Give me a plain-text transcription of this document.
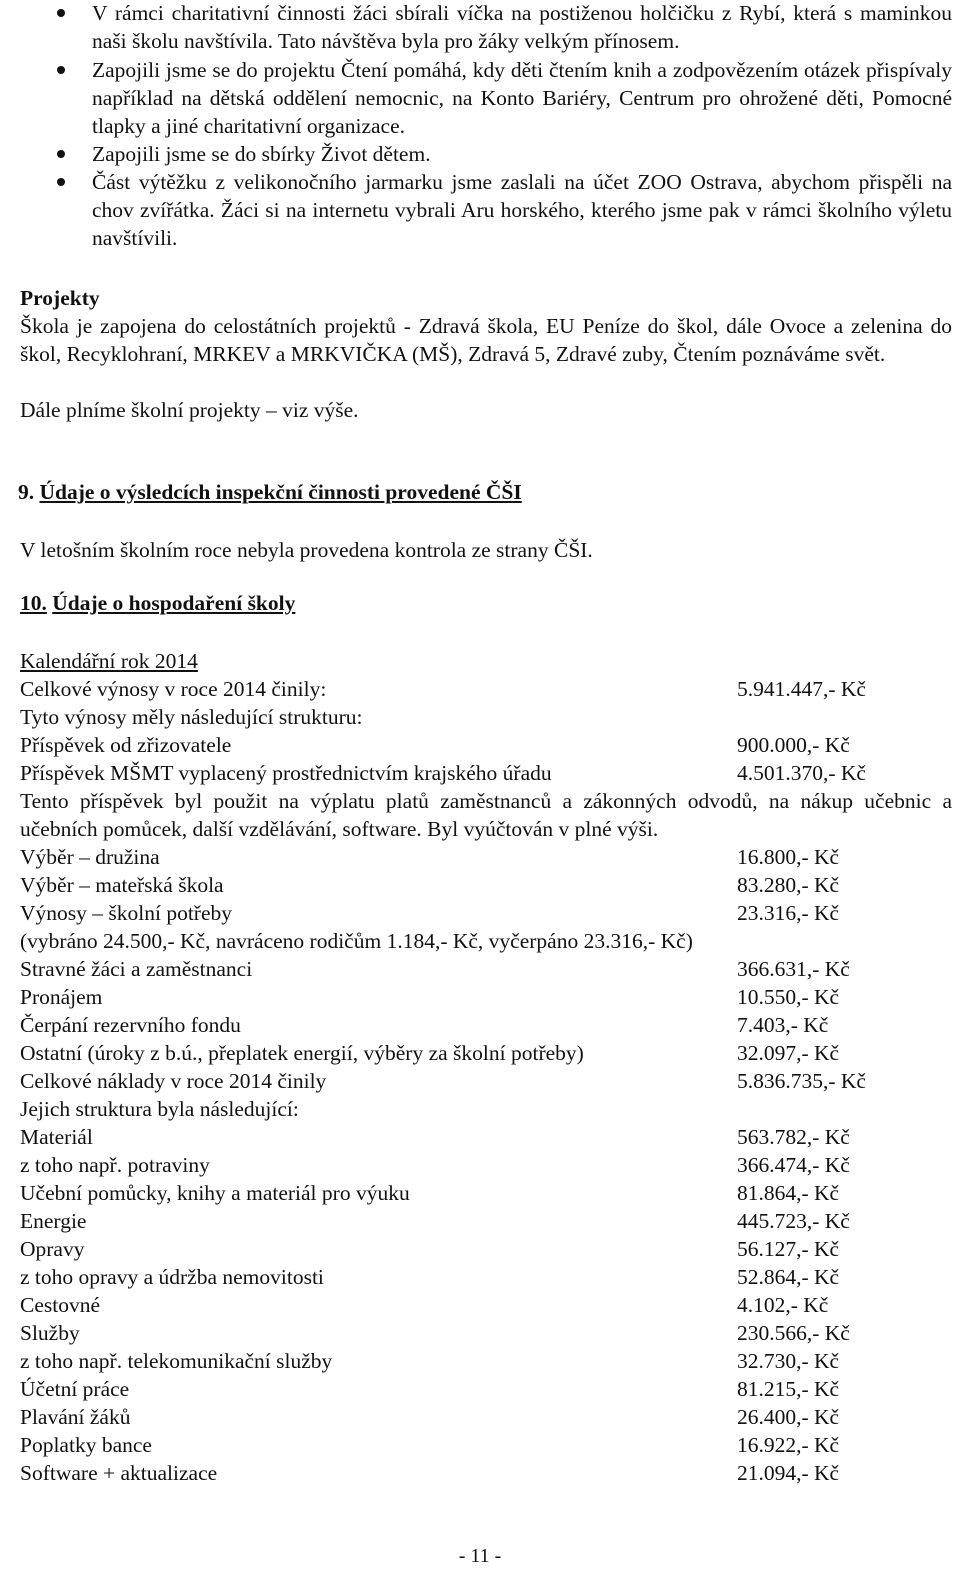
V rámci charitativní činnosti žáci sbírali víčka na postiženou holčičku z Rybí, která s maminkou naši školu navštívila. Tato návštěva byla pro žáky velkým přínosem.
Zapojili jsme se do projektu Čtení pomáhá, kdy děti čtením knih a zodpovězením otázek přispívaly například na dětská oddělení nemocnic, na Konto Bariéry, Centrum pro ohrožené děti, Pomocné tlapky a jiné charitativní organizace.
Zapojili jsme se do sbírky Život dětem.
Část výtěžku z velikonočního jarmarku jsme zaslali na účet ZOO Ostrava, abychom přispěli na chov zvířátka. Žáci si na internetu vybrali Aru horského, kterého jsme pak v rámci školního výletu navštívili.
Projekty
Škola je zapojena do celostátních projektů - Zdravá škola, EU Peníze do škol, dále Ovoce a zelenina do škol, Recyklohraní, MRKEV a MRKVIČKA (MŠ), Zdravá 5, Zdravé zuby, Čtením poznáváme svět.
Dále plníme školní projekty – viz výše.
9. Údaje o výsledcích inspekční činnosti provedené ČŠI
V letošním školním roce nebyla provedena kontrola ze strany ČŠI.
10. Údaje o hospodaření školy
Kalendářní rok 2014
Celkové výnosy v roce 2014 činily:	5.941.447,- Kč
Tyto výnosy měly následující strukturu:
Příspěvek od zřizovatele	900.000,- Kč
Příspěvek MŠMT vyplacený prostřednictvím krajského úřadu	4.501.370,- Kč
Tento příspěvek byl použit na výplatu platů zaměstnanců a zákonných odvodů, na nákup učebnic a učebních pomůcek, další vzdělávání, software. Byl vyúčtován v plné výši.
Výběr – družina	16.800,- Kč
Výběr – mateřská škola	83.280,- Kč
Výnosy – školní potřeby	23.316,- Kč
(vybráno 24.500,- Kč, navráceno rodičům 1.184,- Kč, vyčerpáno 23.316,- Kč)
Stravné žáci a zaměstnanci	366.631,- Kč
Pronájem	10.550,- Kč
Čerpání rezervního fondu	7.403,- Kč
Ostatní (úroky z b.ú., přeplatek energií, výběry za školní potřeby)	32.097,- Kč
Celkové náklady v roce 2014 činily	5.836.735,- Kč
Jejich struktura byla následující:
Materiál	563.782,- Kč
z toho např. potraviny	366.474,- Kč
Učební pomůcky, knihy a materiál pro výuku	81.864,- Kč
Energie	445.723,- Kč
Opravy	56.127,- Kč
z toho opravy a údržba nemovitosti	52.864,- Kč
Cestovné	4.102,- Kč
Služby	230.566,- Kč
z toho např. telekomunikační služby	32.730,- Kč
Účetní práce	81.215,- Kč
Plavání žáků	26.400,- Kč
Poplatky bance	16.922,- Kč
Software + aktualizace	21.094,- Kč
- 11 -
